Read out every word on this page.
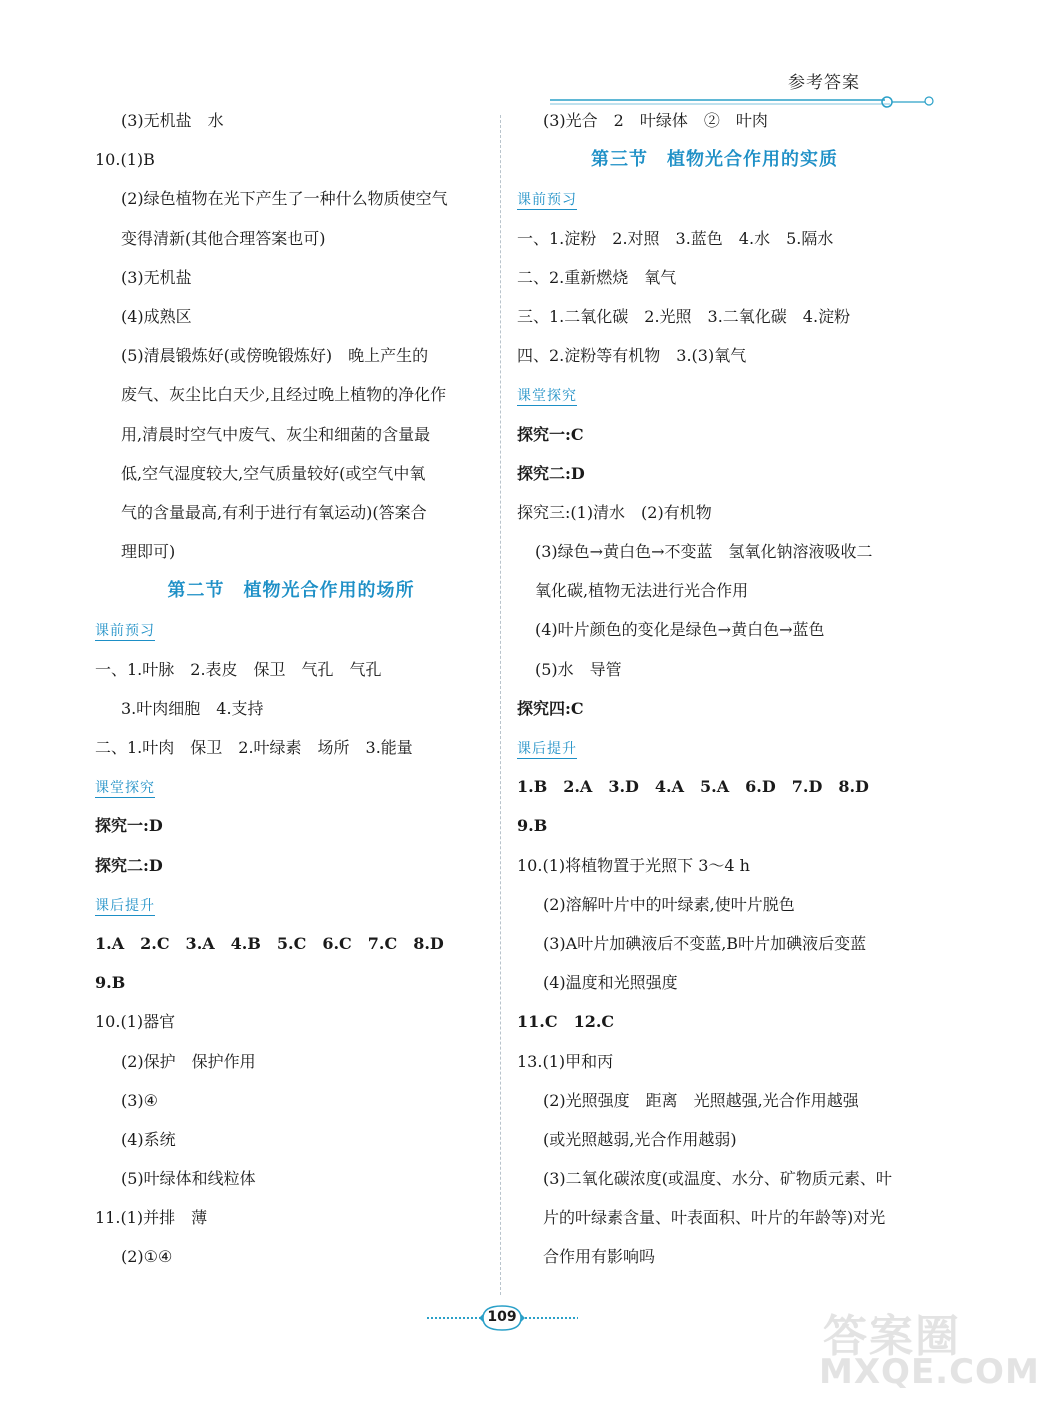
参考答案
(3)无机盐　水
10.(1)B
(2)绿色植物在光下产生了一种什么物质使空气
变得清新(其他合理答案也可)
(3)无机盐
(4)成熟区
(5)清晨锻炼好(或傍晚锻炼好)　晚上产生的
废气、灰尘比白天少,且经过晚上植物的净化作
用,清晨时空气中废气、灰尘和细菌的含量最
低,空气湿度较大,空气质量较好(或空气中氧
气的含量最高,有利于进行有氧运动)(答案合
理即可)
第二节　植物光合作用的场所
课前预习
一、1.叶脉　2.表皮　保卫　气孔　气孔
3.叶肉细胞　4.支持
二、1.叶肉　保卫　2.叶绿素　场所　3.能量
课堂探究
探究一:D
探究二:D
课后提升
1.A　2.C　3.A　4.B　5.C　6.C　7.C　8.D
9.B
10.(1)器官
(2)保护　保护作用
(3)④
(4)系统
(5)叶绿体和线粒体
11.(1)并排　薄
(2)①④
(3)光合　2　叶绿体　②　叶肉
第三节　植物光合作用的实质
课前预习
一、1.淀粉　2.对照　3.蓝色　4.水　5.隔水
二、2.重新燃烧　氧气
三、1.二氧化碳　2.光照　3.二氧化碳　4.淀粉
四、2.淀粉等有机物　3.(3)氧气
课堂探究
探究一:C
探究二:D
探究三:(1)清水　(2)有机物
(3)绿色→黄白色→不变蓝　氢氧化钠溶液吸收二
氧化碳,植物无法进行光合作用
(4)叶片颜色的变化是绿色→黄白色→蓝色
(5)水　导管
探究四:C
课后提升
1.B　2.A　3.D　4.A　5.A　6.D　7.D　8.D
9.B
10.(1)将植物置于光照下 3～4 h
(2)溶解叶片中的叶绿素,使叶片脱色
(3)A叶片加碘液后不变蓝,B叶片加碘液后变蓝
(4)温度和光照强度
11.C　12.C
13.(1)甲和丙
(2)光照强度　距离　光照越强,光合作用越强
(或光照越弱,光合作用越弱)
(3)二氧化碳浓度(或温度、水分、矿物质元素、叶
片的叶绿素含量、叶表面积、叶片的年龄等)对光
合作用有影响吗
109	答案圈
MXQE.COM
